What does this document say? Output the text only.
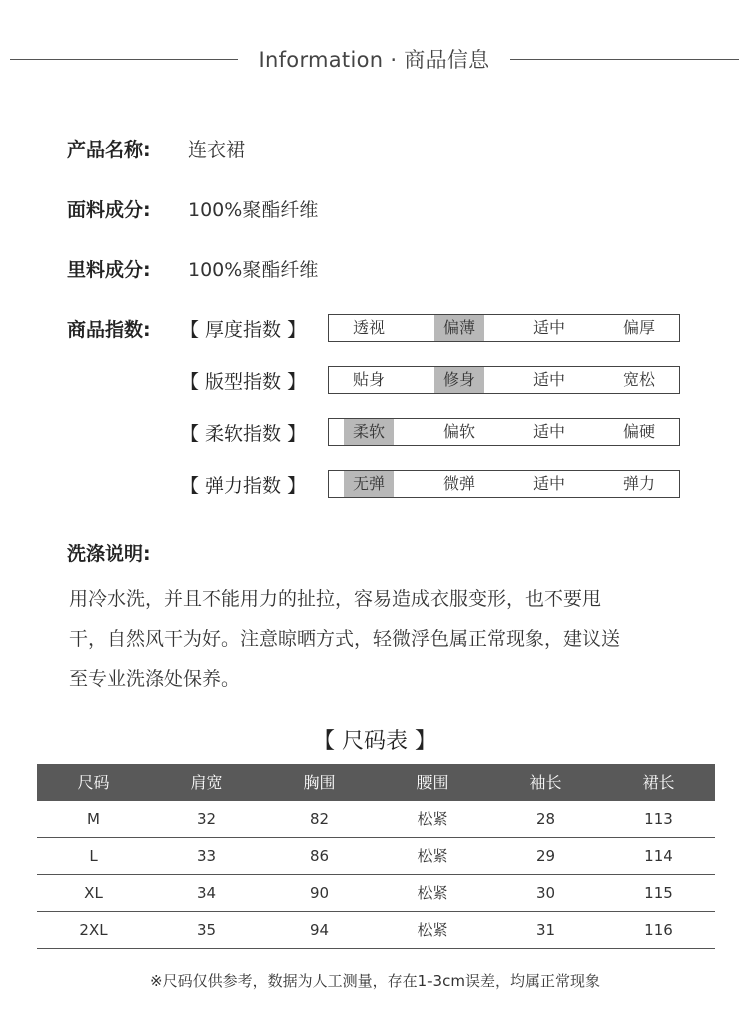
Information · 商品信息
产品名称: 连衣裙
面料成分: 100%聚酯纤维
里料成分: 100%聚酯纤维
商品指数: 【 厚度指数 】	透视	偏薄	适中	偏厚
【 版型指数 】	贴身	修身	适中	宽松
【 柔软指数 】	柔软	偏软	适中	偏硬
【 弹力指数 】	无弹	微弹	适中	弹力
洗涤说明:
用冷水洗，并且不能用力的扯拉，容易造成衣服变形，也不要甩
干，自然风干为好。注意晾晒方式，轻微浮色属正常现象，建议送
至专业洗涤处保养。
【 尺码表 】
尺码	肩宽	胸围	腰围	袖长	裙长
M	32	82	松紧	28	113
L	33	86	松紧	29	114
XL	34	90	松紧	30	115
2XL	35	94	松紧	31	116
※尺码仅供参考，数据为人工测量，存在1-3cm误差，均属正常现象
